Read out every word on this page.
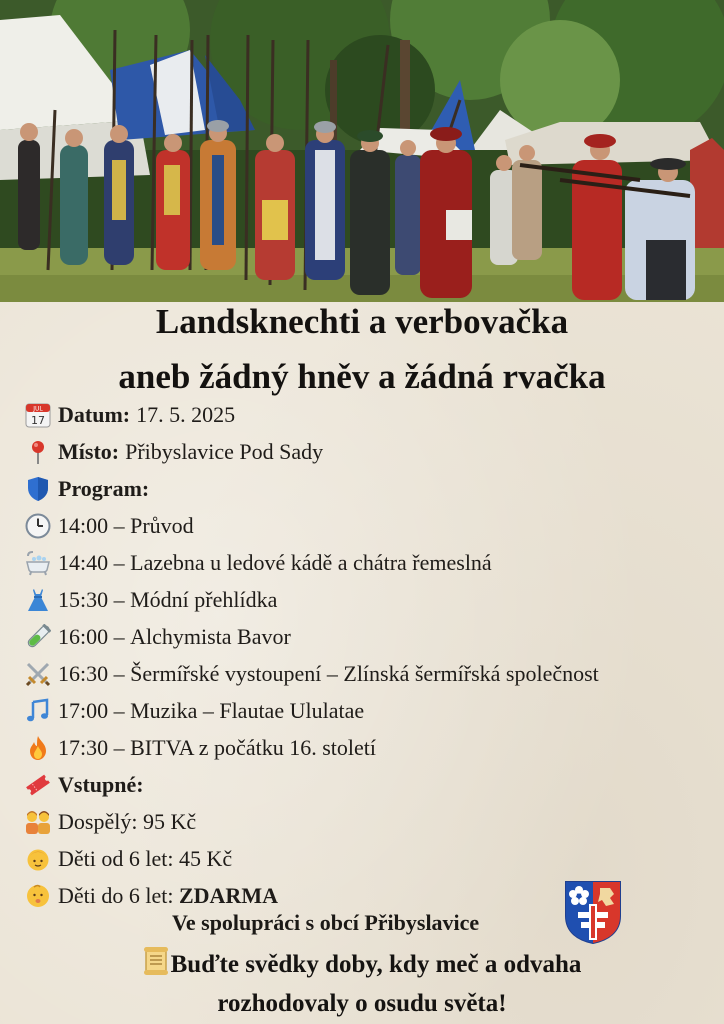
Landsknechti a verbovačka
aneb žádný hněv a žádná rvačka
JUL
17 Datum: 17. 5. 2025
Místo: Přibyslavice Pod Sady
Program:
14:00 – Průvod
14:40 – Lazebna u ledové kádě a chátra řemeslná
15:30 – Módní přehlídka
16:00 – Alchymista Bavor
16:30 – Šermířské vystoupení – Zlínská šermířská společnost
17:00 – Muzika – Flautae Ululatae
17:30 – BITVA z počátku 16. století
Vstupné:
Dospělý: 95 Kč
Děti od 6 let: 45 Kč
Děti do 6 let:
ZDARMA
Ve spolupráci s obcí Přibyslavice
Buďte svědky doby, kdy meč a odvaha
rozhodovaly o osudu světa!
